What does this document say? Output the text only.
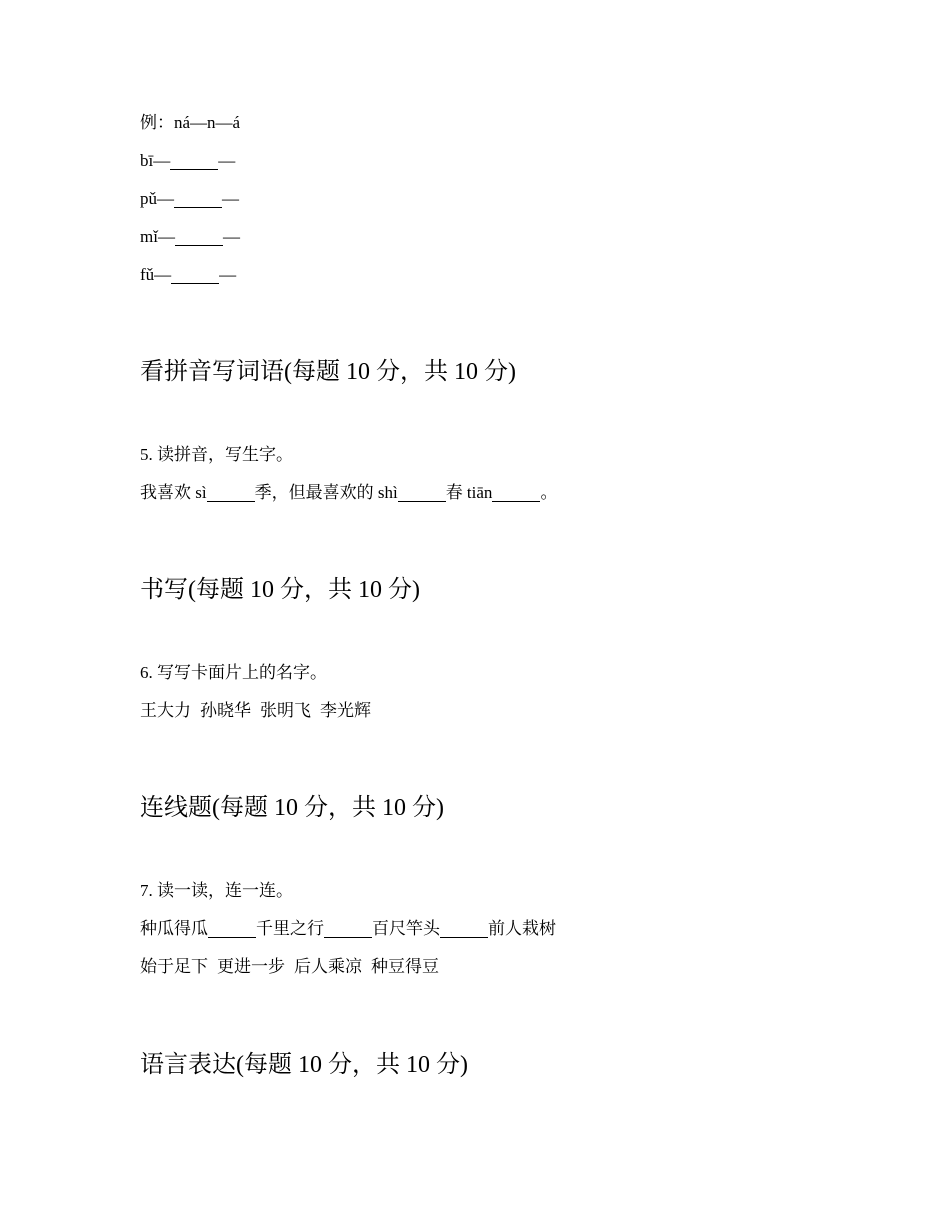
例：ná—n—á
bī—	—
pǔ—	—
mǐ—	—
fǔ—	—
看拼音写词语(每题 10 分，共 10 分)
5. 读拼音，写生字。
我喜欢 sì	季，但最喜欢的 shì	春 tiān	。
书写(每题 10 分，共 10 分)
6. 写写卡面片上的名字。
王大力 孙晓华 张明飞 李光辉
连线题(每题 10 分，共 10 分)
7. 读一读，连一连。
种瓜得瓜	千里之行	百尺竿头	前人栽树
始于足下 更进一步 后人乘凉 种豆得豆
语言表达(每题 10 分，共 10 分)
